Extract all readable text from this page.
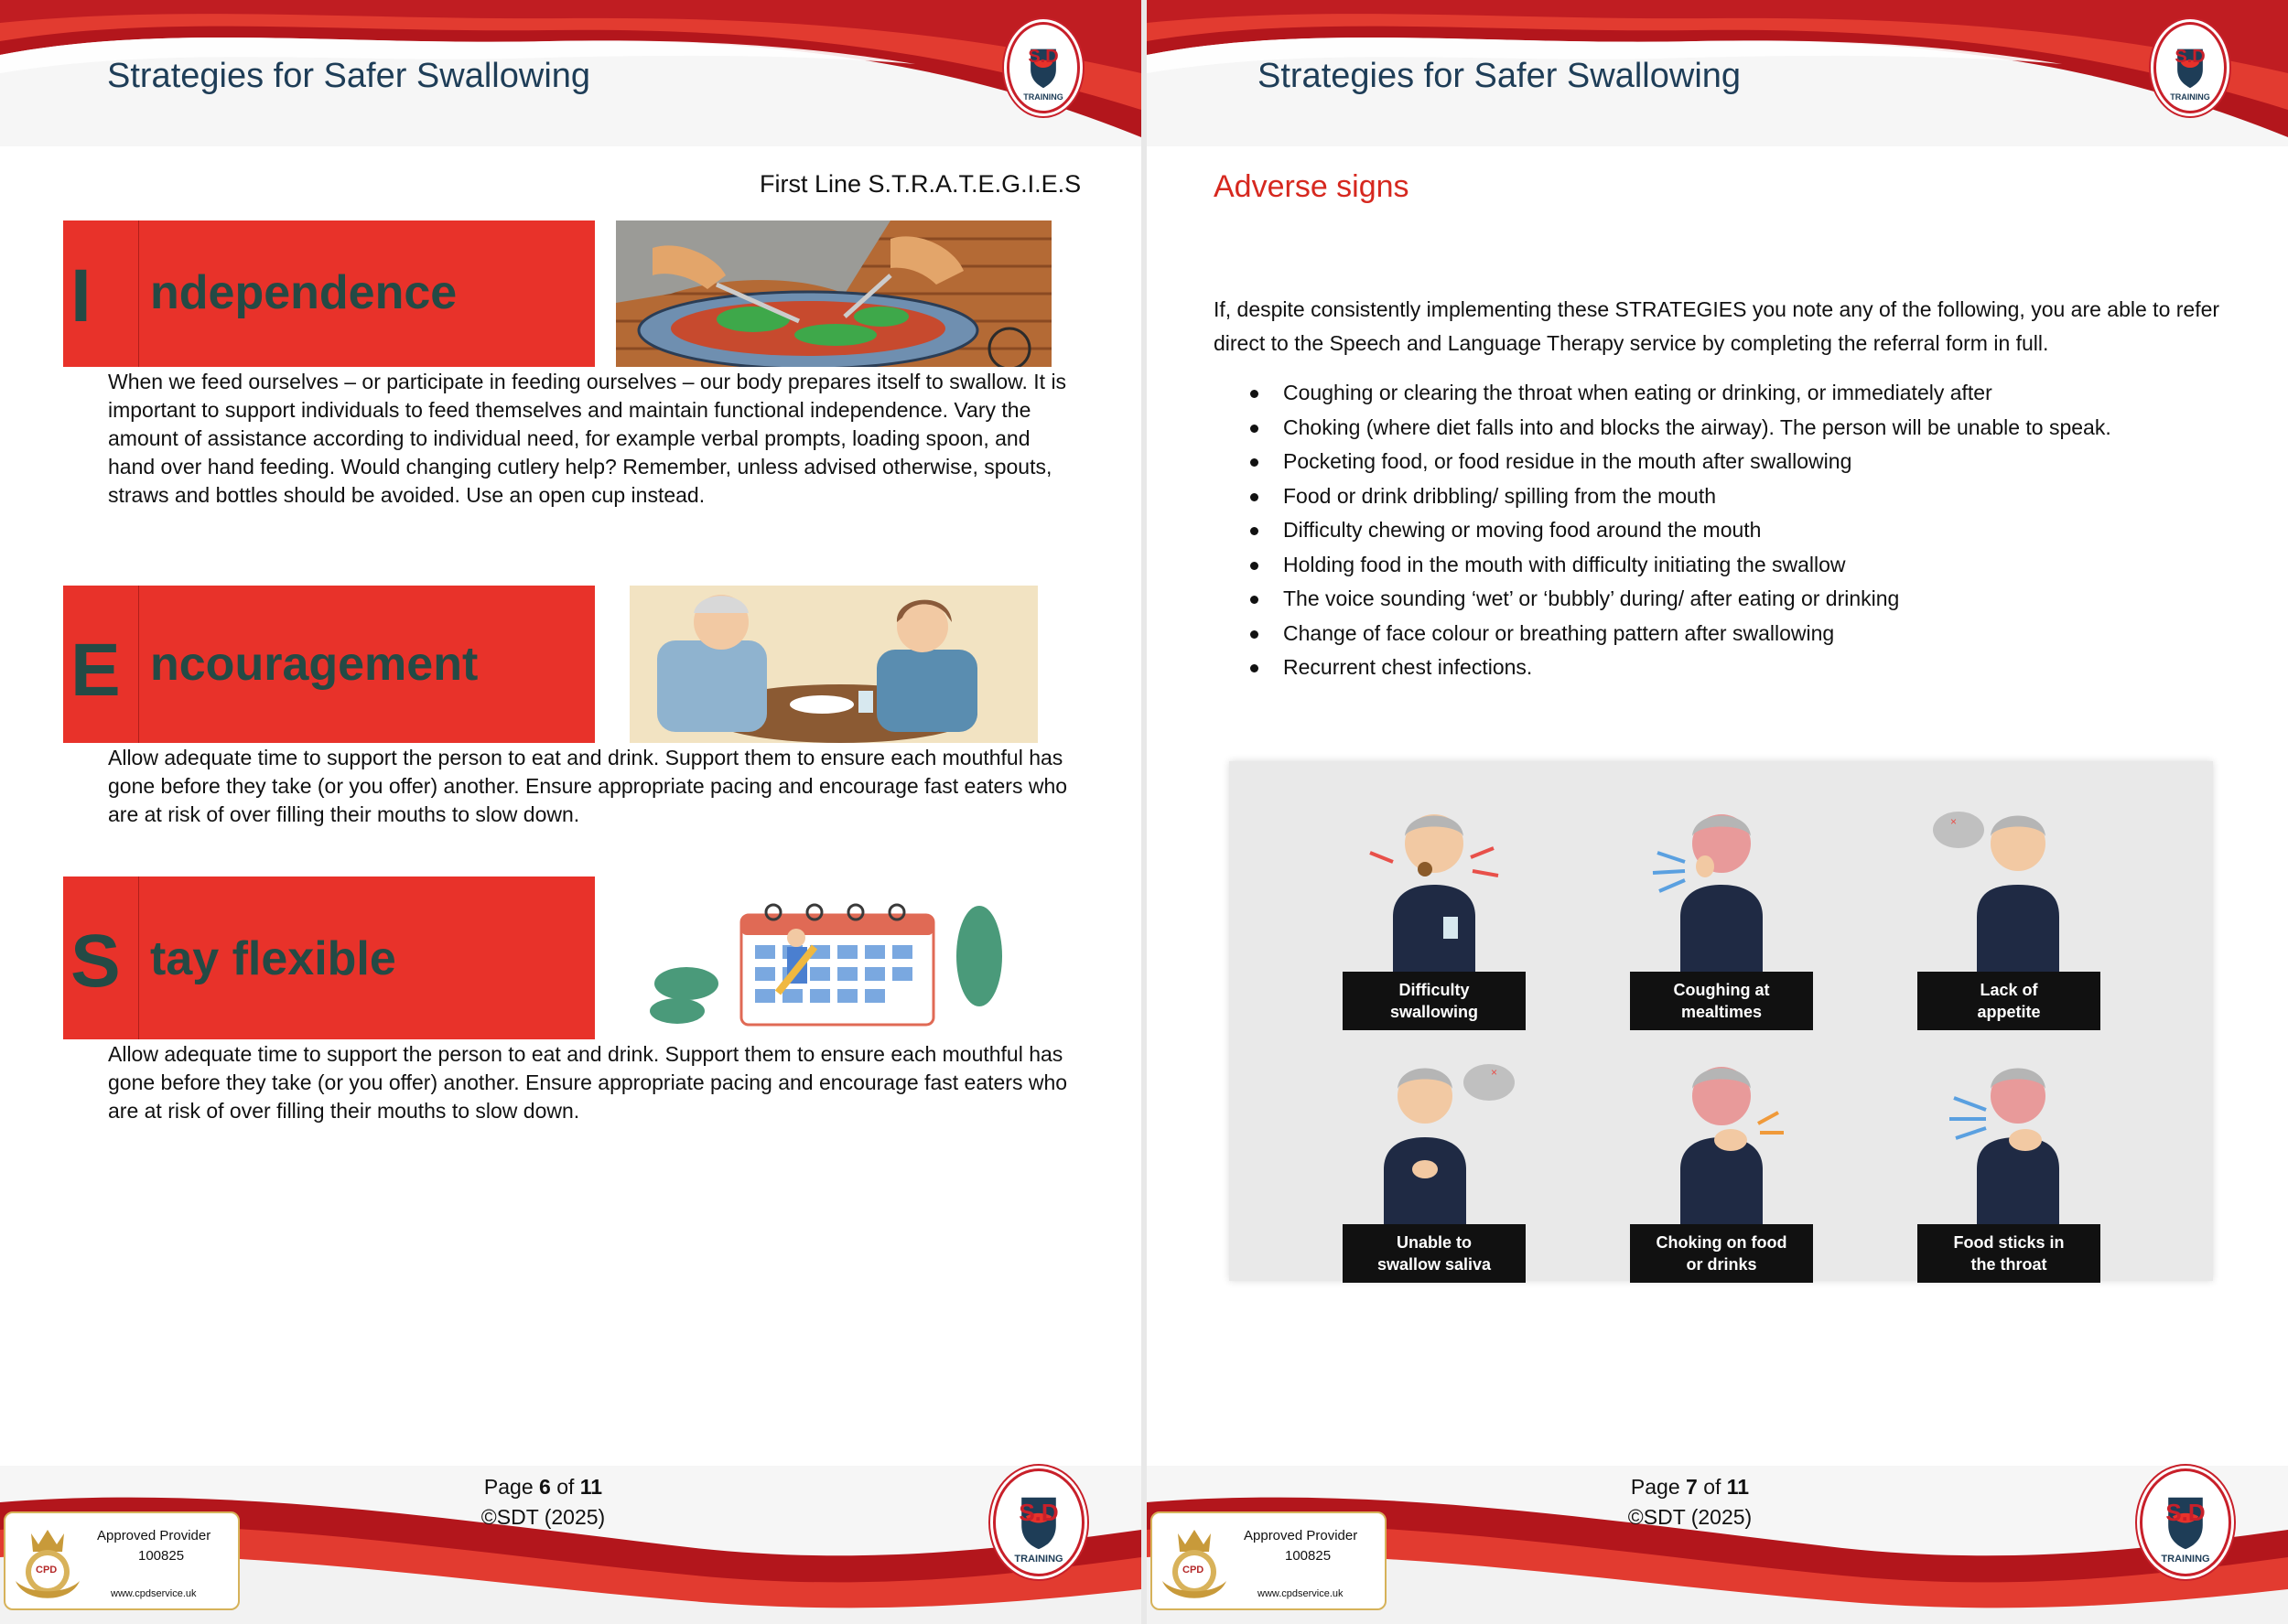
Strategies for Safer Swallowing	S.D
TRAINING
First Line S.T.R.A.T.E.G.I.E.S
I ndependence
When we feed ourselves – or participate in feeding ourselves – our body prepares itself to swallow. It is important to support individuals to feed themselves and maintain functional independence. Vary the amount of assistance according to individual need, for example verbal prompts, loading spoon, and hand over hand feeding. Would changing cutlery help? Remember, unless advised otherwise, spouts, straws and bottles should be avoided. Use an open cup instead.
E ncouragement
Allow adequate time to support the person to eat and drink. Support them to ensure each mouthful has gone before they take (or you offer) another. Ensure appropriate pacing and encourage fast eaters who are at risk of over filling their mouths to slow down.
S tay flexible
Allow adequate time to support the person to eat and drink. Support them to ensure each mouthful has gone before they take (or you offer) another. Ensure appropriate pacing and encourage fast eaters who are at risk of over filling their mouths to slow down.
Page 6 of 11
©SDT (2025)
CPD
Approved Provider
100825
www.cpdservice.uk
S.D
TRAINING
Strategies for Safer Swallowing	S.D
TRAINING
Adverse signs
If, despite consistently implementing these STRATEGIES you note any of the following, you are able to refer direct to the Speech and Language Therapy service by completing the referral form in full.
Coughing or clearing the throat when eating or drinking, or immediately after
Choking (where diet falls into and blocks the airway). The person will be unable to speak.
Pocketing food, or food residue in the mouth after swallowing
Food or drink dribbling/ spilling from the mouth
Difficulty chewing or moving food around the mouth
Holding food in the mouth with difficulty initiating the swallow
The voice sounding ‘wet’ or ‘bubbly’ during/ after eating or drinking
Change of face colour or breathing pattern after swallowing
Recurrent chest infections.
Difficulty
swallowing
Coughing at
mealtimes
×
Lack of
appetite
×
Unable to
swallow saliva
Choking on food
or drinks
Food sticks in
the throat
Page 7 of 11
©SDT (2025)
CPD
Approved Provider
100825
www.cpdservice.uk
S.D
TRAINING
